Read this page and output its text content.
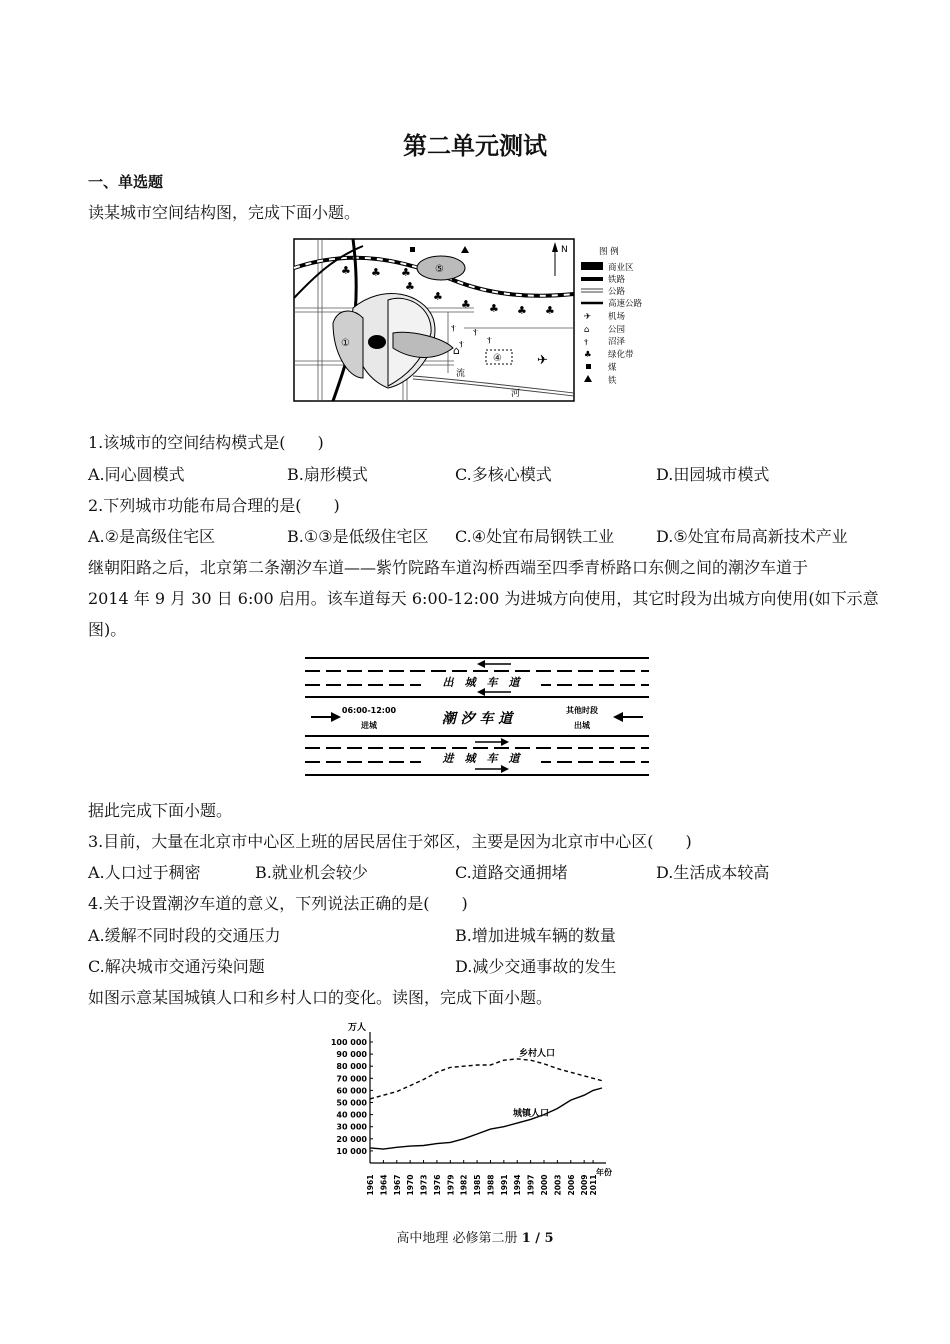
第二单元测试
一、单选题
读某城市空间结构图，完成下面小题。
①
⑤
④
流
河
♣ ♣ ♣
♣
♣
♣ ♣ ♣ ♣
ⲯ ⲯ
ⲯ
ⲯ
⌂
✈
N	图 例
商业区
铁路
公路
高速公路
✈ 机场
⌂ 公园
ⲯ 沼泽
♣ 绿化带
煤
铁
1.该城市的空间结构模式是(　　)
A.同心圆模式	B.扇形模式	C.多核心模式	D.田园城市模式
2.下列城市功能布局合理的是(　　)
A.②是高级住宅区	B.①③是低级住宅区 C.④处宜布局钢铁工业	D.⑤处宜布局高新技术产业
继朝阳路之后，北京第二条潮汐车道——紫竹院路车道沟桥西端至四季青桥路口东侧之间的潮汐车道于
2014 年 9 月 30 日 6:00 启用。该车道每天 6:00-12:00 为进城方向使用，其它时段为出城方向使用(如下示意
图)。
出　城　车　道
进　城　车　道
06:00-12:00
进城	潮 汐 车 道
其他时段
出城
据此完成下面小题。
3.目前，大量在北京市中心区上班的居民居住于郊区，主要是因为北京市中心区(　　)
A.人口过于稠密	B.就业机会较少	C.道路交通拥堵	D.生活成本较高
4.关于设置潮汐车道的意义，下列说法正确的是(　　)
A.缓解不同时段的交通压力	B.增加进城车辆的数量
C.解决城市交通污染问题	D.减少交通事故的发生
如图示意某国城镇人口和乡村人口的变化。读图，完成下面小题。
万人
10 000
20 000
30 000
40 000
50 000
60 000
70 000
80 000
90 000
100 000
1961 1964 1967 1970 1973 1976 1979 1982 1985 1988 1991 1994 1997 2000 2003 2006 2009 2011
年份
乡村人口
城镇人口
高中地理 必修第二册 1 / 5
